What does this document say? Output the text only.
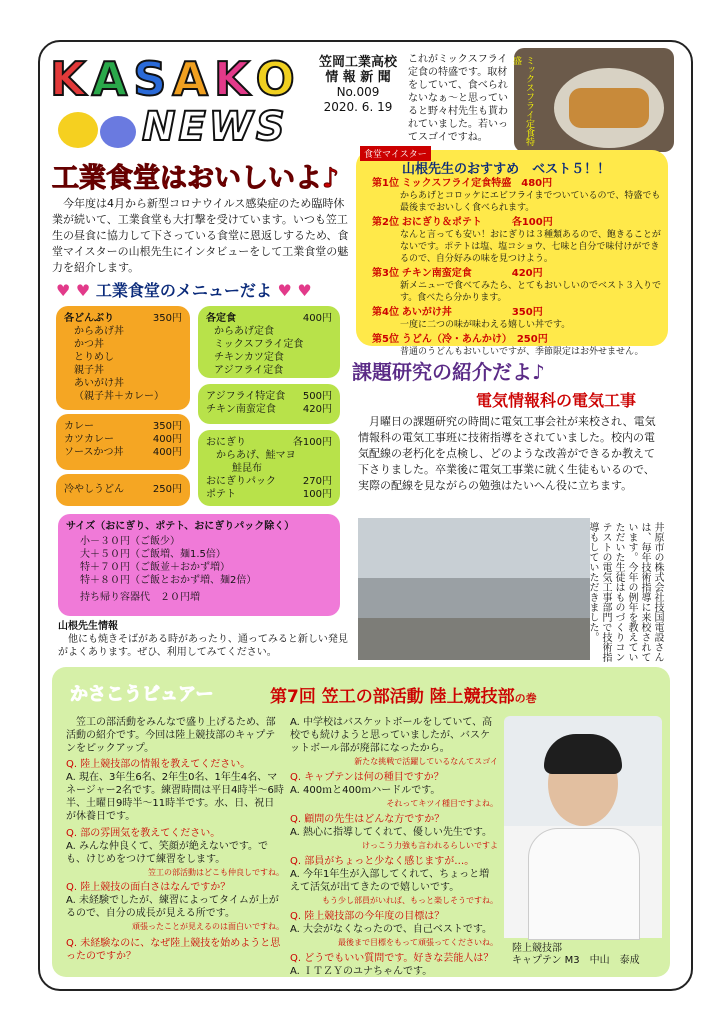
KASAKO
NEWS
笠岡工業高校
情 報 新 聞
No.009
2020. 6. 19
これがミックスフライ定食の特盛です。取材をしていて、食べられないなぁ～と思っていると野々村先生も貰われていました。若いってスゴイですね。	ミックスフライ定食特盛
工業食堂はおいしいよ♪
今年度は4月から新型コロナウイルス感染症のため臨時休業が続いて、工業食堂も大打撃を受けています。いつも笠工生の昼食に協力して下さっている食堂に恩返しするため、食堂マイスターの山根先生にインタビューをして工業食堂の魅力を紹介します。
♥ ♥ 工業食堂のメニューだよ ♥ ♥
各どんぶり	350円
からあげ丼
かつ丼
とりめし
親子丼
あいがけ丼
（親子丼＋カレー）
カレー	350円
カツカレー	400円
ソースかつ丼	400円
冷やしうどん	250円
各定食	400円
からあげ定食
ミックスフライ定食
チキンカツ定食
アジフライ定食
アジフライ特定食 500円
チキン南蛮定食	420円
おにぎり	各100円
からあげ、鮭マヨ
鮭昆布
おにぎりパック	270円
ポテト	100円
サイズ（おにぎり、ポテト、おにぎりパック除く）
小－３０円（ご飯少）
大＋５０円（ご飯増、麺1.5倍）
特＋７０円（ご飯並＋おかず増）
特＋８０円（ご飯とおかず増、麺2倍）
持ち帰り容器代　２０円増
山根先生情報
他にも焼きそばがある時があったり、通ってみると新しい発見がよくあります。ぜひ、利用してみてください。
食堂マイスター
山根先生のおすすめ　ベスト５！！
第1位 ミックスフライ定食特盛　480円
からあげとコロッケにエビフライまでついているので、特盛でも最後までおいしく食べられます。
第2位 おにぎり＆ポテト　　　各100円
なんと言っても安い！おにぎりは３種類あるので、飽きることがないです。ポテトは塩、塩コショウ、七味と自分で味付けができるので、自分好みの味を見つけよう。
第3位 チキン南蛮定食　　　　420円
新メニューで食べてみたら、とてもおいしいのでベスト３入りです。食べたら分かります。
第4位 あいがけ丼　　　　　　350円
一度に二つの味が味わえる嬉しい丼です。
第5位 うどん（冷・あんかけ）　250円
普通のうどんもおいしいですが、季節限定はお外せません。
課題研究の紹介だよ♪
電気情報科の電気工事
月曜日の課題研究の時間に電気工事会社が来校され、電気情報科の電気工事班に技術指導をされていました。校内の電気配線の老朽化を点検し、どのような改善ができるか教えて下さりました。卒業後に電気工事業に就く生徒もいるので、実際の配線を見ながらの勉強はたいへん役に立ちます。
井原市の株式会社技国電設さんは、毎年技術指導に来校されています。今年の例年を教えていただいた生徒はものづくりコンテストの電気工事部門で技術指導もしていただきました。
かさこうビュアー	第7回 笠工の部活動 陸上競技部の巻
笠工の部活動をみんなで盛り上げるため、部活動の紹介です。今回は陸上競技部のキャプテンをピックアップ。
Q. 陸上競技部の情報を教えてください。
A. 現在、3年生6名、2年生0名、1年生4名、マネージャー2名です。練習時間は平日4時半～6時半、土曜日9時半～11時半です。水、日、祝日が休養日です。
Q. 部の雰囲気を教えてください。
A. みんな仲良くて、笑顔が絶えないです。でも、けじめをつけて練習をします。
笠工の部活動はどこも仲良しですね。
Q. 陸上競技の面白さはなんですか？
A. 未経験でしたが、練習によってタイムが上がるので、自分の成長が見える所です。
頑張ったことが見えるのは面白いですね。
Q. 未経験なのに、なぜ陸上競技を始めようと思ったのですか？
A. 中学校はバスケットボールをしていて、高校でも続けようと思っていましたが、バスケットボール部が廃部になったから。
新たな挑戦で活躍しているなんてスゴイ
Q. キャプテンは何の種目ですか？
A. 400ｍと400ｍハードルです。
それってキツイ種目ですよね。
Q. 顧問の先生はどんな方ですか？
A. 熱心に指導してくれて、優しい先生です。
けっこう力強も言われるらしいですよ
Q. 部員がちょっと少なく感じますが…。
A. 今年1年生が入部してくれて、ちょっと増えて活気が出てきたので嬉しいです。
もう少し部員がいれば、もっと楽しそうですね。
Q. 陸上競技部の今年度の目標は？
A. 大会がなくなったので、自己ベストです。
最後まで目標をもって頑張ってくださいね。
Q. どうでもいい質問です。好きな芸能人は？
A. ＩＴＺＹのユナちゃんです。
陸上競技部
キャプテン M3　中山　泰成
